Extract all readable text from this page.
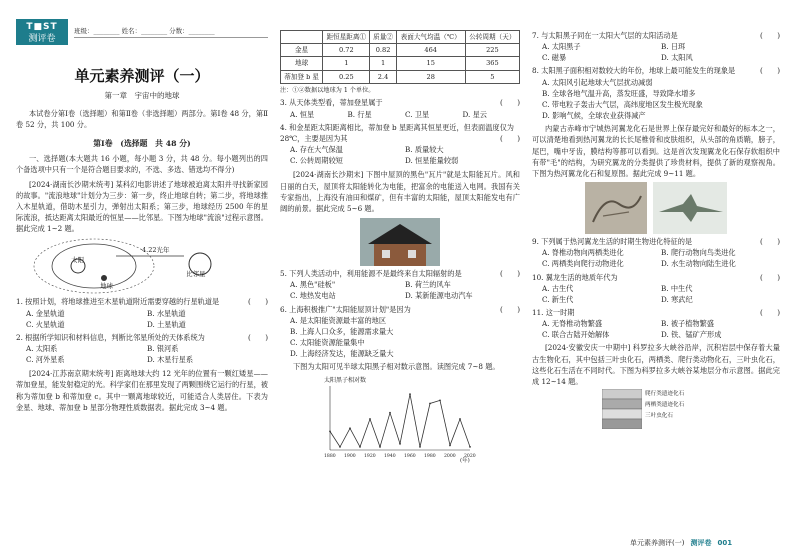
T■ST
测评卷
班级：________ 姓名：________ 分数：________
单元素养测评（一）
第一章　宇宙中的地球
本试卷分第Ⅰ卷（选择题）和第Ⅱ卷（非选择题）两部分。第Ⅰ卷 48 分，第Ⅱ卷 52 分，共 100 分。
第Ⅰ卷　(选择题　共 48 分)
一、选择题(本大题共 16 小题，每小题 3 分，共 48 分。每小题列出的四个备选项中只有一个是符合题目要求的，不选、多选、错选均不得分)
[2024·湖南长沙期末统考] 某科幻电影讲述了地球被迫离太阳并寻找新家园的故事。"流浪地球"计划分为三步：第一步，终止地球自转；第二步，将地球推入木星轨道，借助木星引力，弹射出太阳系；第三步，地球经历 2500 年的星际流浪，抵达距离太阳最近的恒星——比邻星。下图为地球"流浪"过程示意图。据此完成 1~2 题。
太阳
地球
4.22光年
比邻星
1. 按照计划，将地球推进至木星轨道附近需要穿越的行星轨道是	(　　)
A. 金星轨道	B. 水星轨道
C. 火星轨道	D. 土星轨道
2. 根据所学知识和材料信息，判断比邻星所处的天体系统为	(　　)
A. 太阳系	B. 银河系
C. 河外星系	D. 木星行星系
[2024·江苏南京期末统考] 距离地球大约 12 光年的位置有一颗红矮星——蒂加登星，能发射稳定的光。科学家们在那里发现了两颗围绕它运行的行星，被称为蒂加登 b 和蒂加登 c。其中一颗离地球较近，可能适合人类居住。下表为金星、地球、蒂加登 b 星部分物理性质数据表。据此完成 3~4 题。
	距恒星距离①	质量②	表面大气均温（℃）	公转周期（天）
金星	0.72	0.82	464	225
地球	1	1	15	365
蒂加登 b 星	0.25	2.4	28	5
注：①②数据以地球为 1 个单位。
3. 从天体类型看，蒂加登星属于	(　　)
A. 恒星	B. 行星	C. 卫星	D. 星云
4. 和金星距太阳距离相比，蒂加登 b 星距离其恒星更近，但表面温度仅为 28℃，主要是因为其	(　　)
A. 存在大气保温	B. 质量较大
C. 公转周期较短	D. 恒星能量较弱
[2024·湖南长沙期末] 下图中屋顶的黑色"瓦片"就是太阳能瓦片。风和日丽的白天，屋顶将太阳能转化为电能，把富余的电能送入电网。我国有关专家指出，上海没有油田和煤矿，但有丰富的太阳能，屋顶太阳能发电有广阔的前景。据此完成 5~6 题。
5. 下列人类活动中，利用能源不是最终来自太阳辐射的是	(　　)
A. 黑色"硅板"	B. 荷兰的风车
C. 地热发电站	D. 某新能源电动汽车
6. 上海积极推广"太阳能屋顶计划"是因为	(　　)
A. 是太阳能资源最丰富的地区
B. 上海人口众多，能源需求量大
C. 太阳能资源能量集中
D. 上海经济发达，能源缺乏量大
下图为太阳可见半球太阳黑子相对数示意图。读图完成 7~8 题。
太阳黑子相对数
1880 1900 1920 1940 1960 1980 2000 2020
(年)
7. 与太阳黑子同在一太阳大气层的太阳活动是	(　　)
A. 太阳黑子	B. 日珥
C. 磁暴	D. 太阳风
8. 太阳黑子面积相对数较大的年份，地球上最可能发生的现象是	(　　)
A. 太阳风引起地球大气层扰动减弱
B. 全球各地气温升高，蒸发旺盛，导致降水增多
C. 带电粒子轰击大气层，高纬度地区发生极光现象
D. 影响气候，全球农业获得减产
内蒙古赤峰市宁城热河翼龙化石是世界上保存最完好和最好的标本之一，可以清楚地看到热河翼龙的长长尾椎骨和皮肤组织，从头部的角质鞘，膀子，尾巴，嘴中牙齿，膜结构等都可以看到。这是首次发现翼龙化石保存软组织中有带"毛"的结构，为研究翼龙的分类提供了珍贵材料，提供了新的观察视角。下图为热河翼龙化石和复原图。据此完成 9~11 题。
9. 下列属于热河翼龙生活的时期生物进化特征的是	(　　)
A. 脊椎动物向两栖类进化	B. 爬行动物向鸟类进化
C. 两栖类向爬行动物进化	D. 水生动物向陆生进化
10. 翼龙生活的地质年代为	(　　)
A. 古生代	B. 中生代
C. 新生代	D. 寒武纪
11. 这一时期	(　　)
A. 无脊椎动物繁盛	B. 被子植物繁盛
C. 联合古陆开始解体	D. 铁、锰矿产形成
[2024·安徽安庆一中期中] 科罗拉多大峡谷沿岸，沉积岩层中保存着大量古生物化石，其中包括三叶虫化石，两栖类、爬行类动物化石，三叶虫化石，这些化石生活在不同时代。下图为科罗拉多大峡谷某地层分布示意图。据此完成 12~14 题。
爬行类遗迹化石
两栖类遗迹化石
三叶虫化石
单元素养测评(一) 测评卷 001
